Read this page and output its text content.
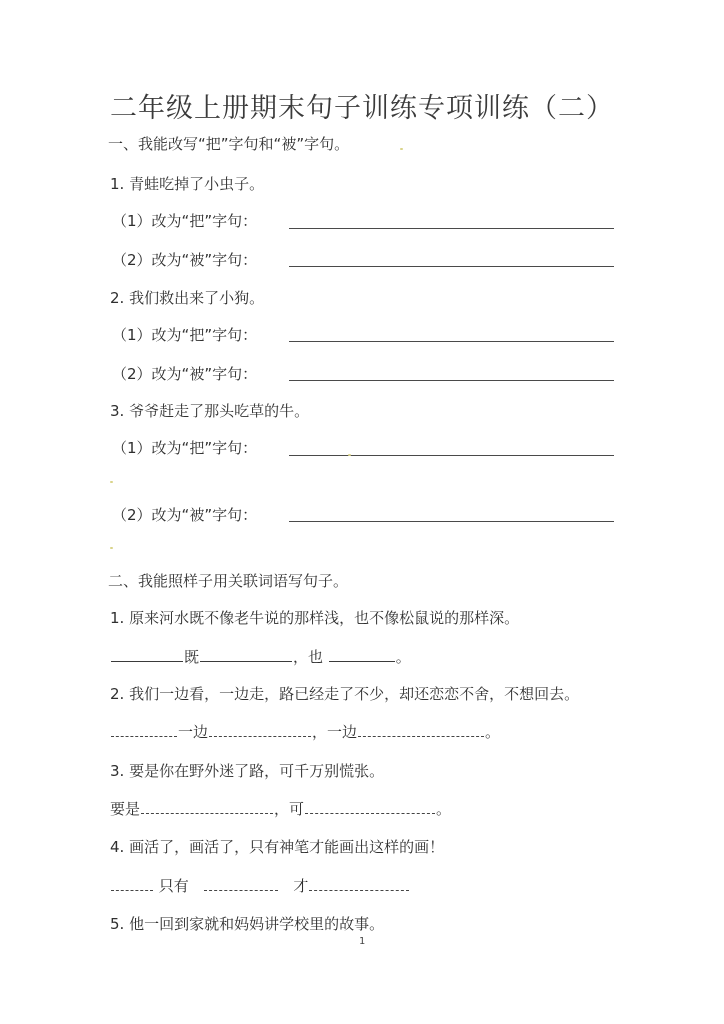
二年级上册期末句子训练专项训练（二）
一、我能改写“把”字句和“被”字句。
1. 青蛙吃掉了小虫子。
（1）改为“把”字句：
（2）改为“被”字句：
2. 我们救出来了小狗。
（1）改为“把”字句：
（2）改为“被”字句：
3. 爷爷赶走了那头吃草的牛。
（1）改为“把”字句：
（2）改为“被”字句：
二、我能照样子用关联词语写句子。
1. 原来河水既不像老牛说的那样浅，也不像松鼠说的那样深。
既	，也	。
2. 我们一边看，一边走，路已经走了不少，却还恋恋不舍，不想回去。
一边	，一边	。
3. 要是你在野外迷了路，可千万别慌张。
要是	，可	。
4. 画活了，画活了，只有神笔才能画出这样的画！
只有	才
5. 他一回到家就和妈妈讲学校里的故事。
1
